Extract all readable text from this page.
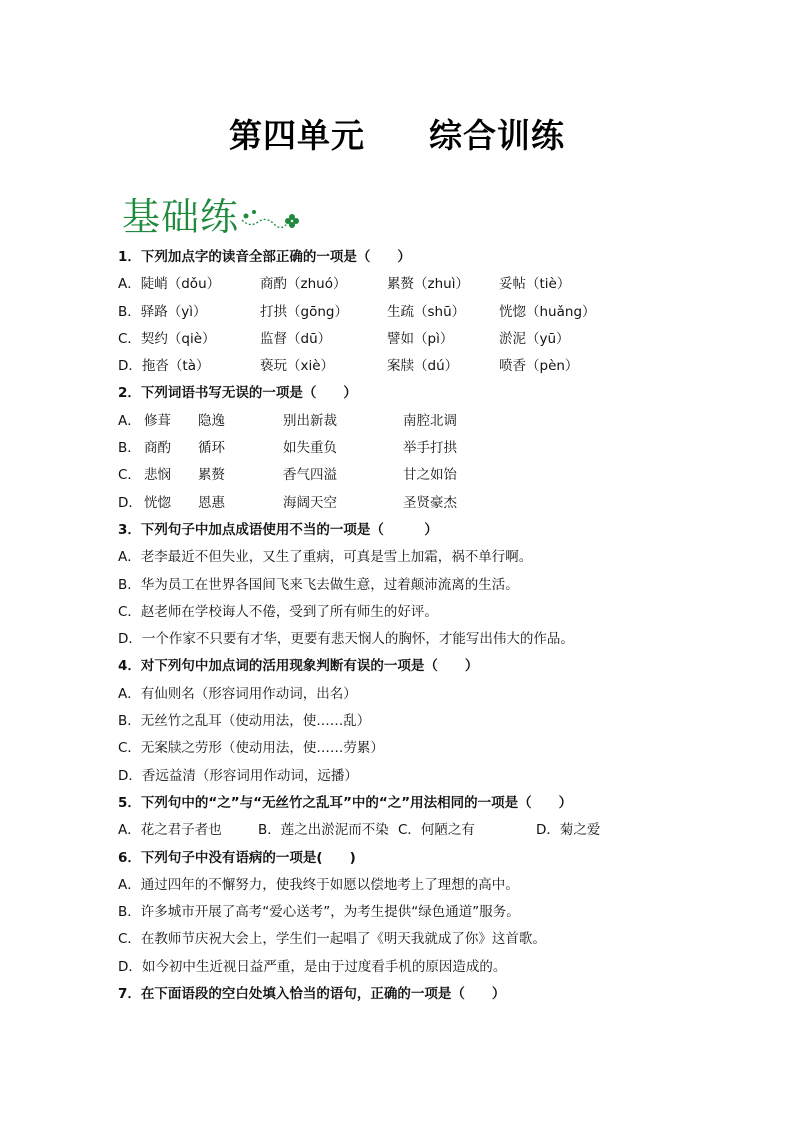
第四单元 综合训练
基础练
1．下列加点字的读音全部正确的一项是（　　）
A．陡峭（dǒu）	商酌（zhuó）	累赘（zhuì） 妥帖（tiè）
B．驿路（yì）	打拱（gōng）	生疏（shū）	恍惚（huǎng）
C．契约（qiè）	监督（dū）	譬如（pì）	淤泥（yū）
D．拖沓（tà）	亵玩（xiè）	案牍（dú）	喷香（pèn）
2．下列词语书写无误的一项是（　　）
A． 修葺 隐逸	别出新裁	南腔北调
B． 商酌 循环	如失重负	举手打拱
C． 悲悯 累赘	香气四溢	甘之如饴
D． 恍惚 恩惠	海阔天空	圣贤豪杰
3．下列句子中加点成语使用不当的一项是（　　　）
A．老李最近不但失业，又生了重病，可真是雪上加霜，祸不单行啊。
B．华为员工在世界各国间飞来飞去做生意，过着颠沛流离的生活。
C．赵老师在学校诲人不倦，受到了所有师生的好评。
D．一个作家不只要有才华，更要有悲天悯人的胸怀，才能写出伟大的作品。
4．对下列句中加点词的活用现象判断有误的一项是（　　）
A．有仙则名（形容词用作动词，出名）
B．无丝竹之乱耳（使动用法，使……乱）
C．无案牍之劳形（使动用法，使……劳累）
D．香远益清（形容词用作动词，远播）
5．下列句中的“之”与“无丝竹之乱耳”中的“之”用法相同的一项是（　　）
A．花之君子者也	B．莲之出淤泥而不染 C．何陋之有	D．菊之爱
6．下列句子中没有语病的一项是(　　)
A．通过四年的不懈努力，使我终于如愿以偿地考上了理想的高中。
B．许多城市开展了高考“爱心送考”，为考生提供“绿色通道”服务。
C．在教师节庆祝大会上，学生们一起唱了《明天我就成了你》这首歌。
D．如今初中生近视日益严重，是由于过度看手机的原因造成的。
7．在下面语段的空白处填入恰当的语句，正确的一项是（　　）
